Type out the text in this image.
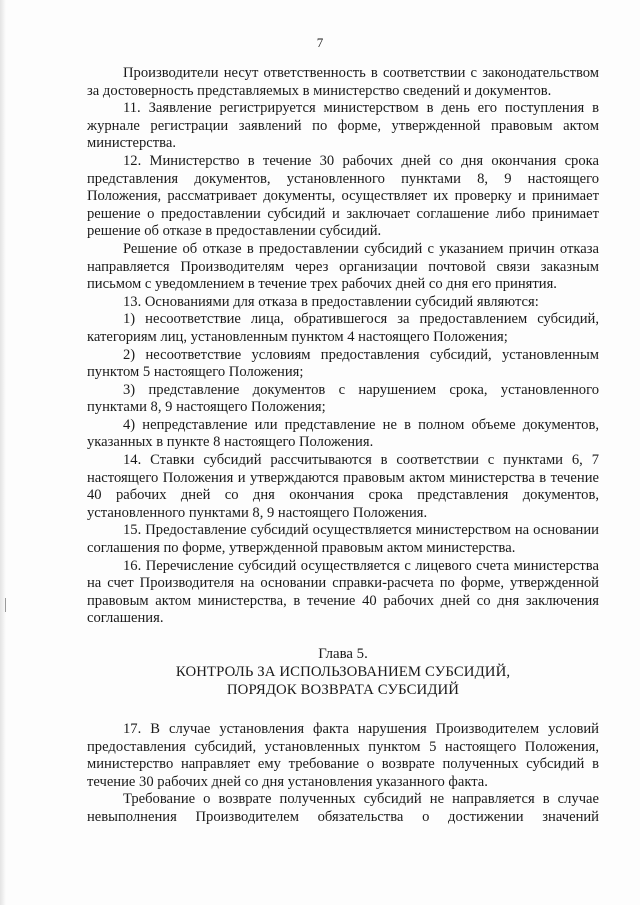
7

Производители несут ответственность в соответствии с законодательством за достоверность представляемых в министерство сведений и документов.

11. Заявление регистрируется министерством в день его поступления в журнале регистрации заявлений по форме, утвержденной правовым актом министерства.

12. Министерство в течение 30 рабочих дней со дня окончания срока представления документов, установленного пунктами 8, 9 настоящего Положения, рассматривает документы, осуществляет их проверку и принимает решение о предоставлении субсидий и заключает соглашение либо принимает решение об отказе в предоставлении субсидий.

Решение об отказе в предоставлении субсидий с указанием причин отказа направляется Производителям через организации почтовой связи заказным письмом с уведомлением в течение трех рабочих дней со дня его принятия.

13. Основаниями для отказа в предоставлении субсидий являются:

1) несоответствие лица, обратившегося за предоставлением субсидий, категориям лиц, установленным пунктом 4 настоящего Положения;

2) несоответствие условиям предоставления субсидий, установленным пунктом 5 настоящего Положения;

3) представление документов с нарушением срока, установленного пунктами 8, 9 настоящего Положения;

4) непредставление или представление не в полном объеме документов, указанных в пункте 8 настоящего Положения.

14. Ставки субсидий рассчитываются в соответствии с пунктами 6, 7 настоящего Положения и утверждаются правовым актом министерства в течение 40 рабочих дней со дня окончания срока представления документов, установленного пунктами 8, 9 настоящего Положения.

15. Предоставление субсидий осуществляется министерством на основании соглашения по форме, утвержденной правовым актом министерства.

16. Перечисление субсидий осуществляется с лицевого счета министерства на счет Производителя на основании справки-расчета по форме, утвержденной правовым актом министерства, в течение 40 рабочих дней со дня заключения соглашения.

Глава 5.
КОНТРОЛЬ ЗА ИСПОЛЬЗОВАНИЕМ СУБСИДИЙ,
ПОРЯДОК ВОЗВРАТА СУБСИДИЙ

17. В случае установления факта нарушения Производителем условий предоставления субсидий, установленных пунктом 5 настоящего Положения, министерство направляет ему требование о возврате полученных субсидий в течение 30 рабочих дней со дня установления указанного факта.

Требование о возврате полученных субсидий не направляется в случае невыполнения Производителем обязательства о достижении значений
